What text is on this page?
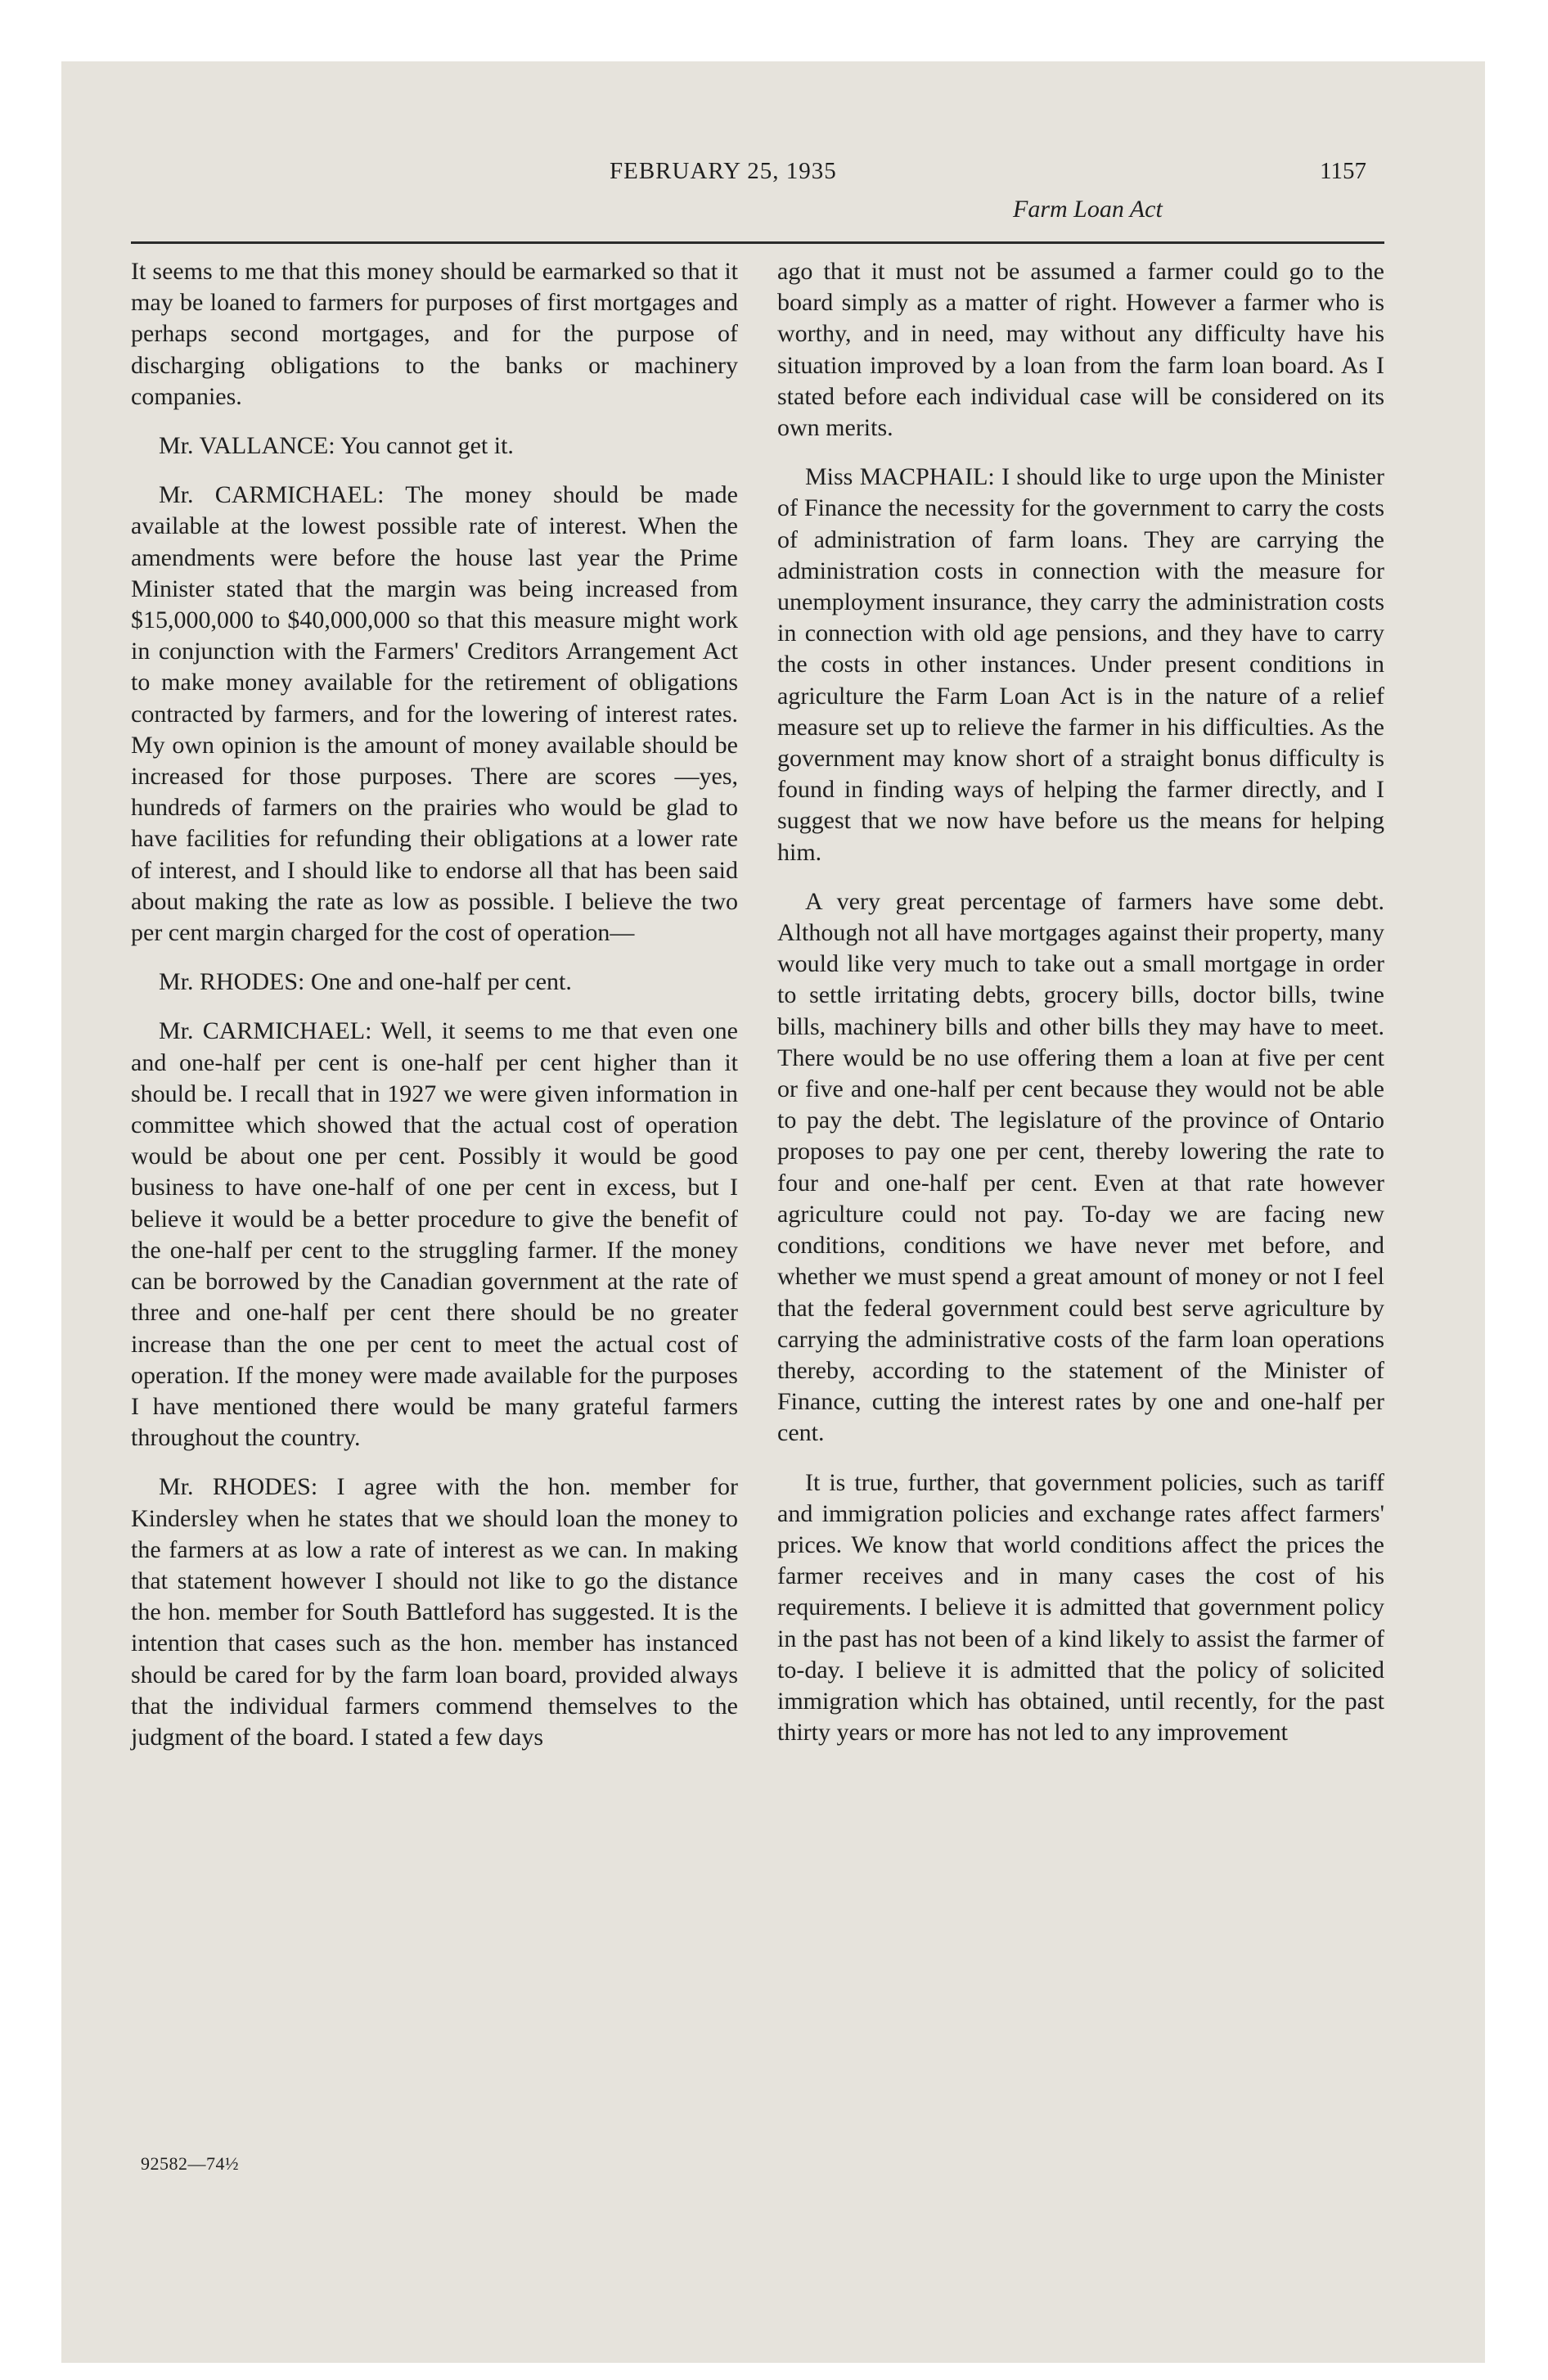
FEBRUARY 25, 1935	1157
Farm Loan Act

It seems to me that this money should be earmarked so that it may be loaned to farmers for purposes of first mortgages and perhaps second mortgages, and for the purpose of discharging obligations to the banks or machinery companies.

Mr. VALLANCE: You cannot get it.

Mr. CARMICHAEL: The money should be made available at the lowest possible rate of interest. When the amendments were before the house last year the Prime Minister stated that the margin was being increased from $15,000,000 to $40,000,000 so that this measure might work in conjunction with the Farmers' Creditors Arrangement Act to make money available for the retirement of obligations contracted by farmers, and for the lowering of interest rates. My own opinion is the amount of money available should be increased for those purposes. There are scores —yes, hundreds of farmers on the prairies who would be glad to have facilities for refunding their obligations at a lower rate of interest, and I should like to endorse all that has been said about making the rate as low as possible. I believe the two per cent margin charged for the cost of operation—

Mr. RHODES: One and one-half per cent.

Mr. CARMICHAEL: Well, it seems to me that even one and one-half per cent is one-half per cent higher than it should be. I recall that in 1927 we were given information in committee which showed that the actual cost of operation would be about one per cent. Possibly it would be good business to have one-half of one per cent in excess, but I believe it would be a better procedure to give the benefit of the one-half per cent to the struggling farmer. If the money can be borrowed by the Canadian government at the rate of three and one-half per cent there should be no greater increase than the one per cent to meet the actual cost of operation. If the money were made available for the purposes I have mentioned there would be many grateful farmers throughout the country.

Mr. RHODES: I agree with the hon. member for Kindersley when he states that we should loan the money to the farmers at as low a rate of interest as we can. In making that statement however I should not like to go the distance the hon. member for South Battleford has suggested. It is the intention that cases such as the hon. member has instanced should be cared for by the farm loan board, provided always that the individual farmers commend themselves to the judgment of the board. I stated a few days

ago that it must not be assumed a farmer could go to the board simply as a matter of right. However a farmer who is worthy, and in need, may without any difficulty have his situation improved by a loan from the farm loan board. As I stated before each individual case will be considered on its own merits.

Miss MACPHAIL: I should like to urge upon the Minister of Finance the necessity for the government to carry the costs of administration of farm loans. They are carrying the administration costs in connection with the measure for unemployment insurance, they carry the administration costs in connection with old age pensions, and they have to carry the costs in other instances. Under present conditions in agriculture the Farm Loan Act is in the nature of a relief measure set up to relieve the farmer in his difficulties. As the government may know short of a straight bonus difficulty is found in finding ways of helping the farmer directly, and I suggest that we now have before us the means for helping him.

A very great percentage of farmers have some debt. Although not all have mortgages against their property, many would like very much to take out a small mortgage in order to settle irritating debts, grocery bills, doctor bills, twine bills, machinery bills and other bills they may have to meet. There would be no use offering them a loan at five per cent or five and one-half per cent because they would not be able to pay the debt. The legislature of the province of Ontario proposes to pay one per cent, thereby lowering the rate to four and one-half per cent. Even at that rate however agriculture could not pay. To-day we are facing new conditions, conditions we have never met before, and whether we must spend a great amount of money or not I feel that the federal government could best serve agriculture by carrying the administrative costs of the farm loan operations thereby, according to the statement of the Minister of Finance, cutting the interest rates by one and one-half per cent.

It is true, further, that government policies, such as tariff and immigration policies and exchange rates affect farmers' prices. We know that world conditions affect the prices the farmer receives and in many cases the cost of his requirements. I believe it is admitted that government policy in the past has not been of a kind likely to assist the farmer of to-day. I believe it is admitted that the policy of solicited immigration which has obtained, until recently, for the past thirty years or more has not led to any improvement

92582—74½
